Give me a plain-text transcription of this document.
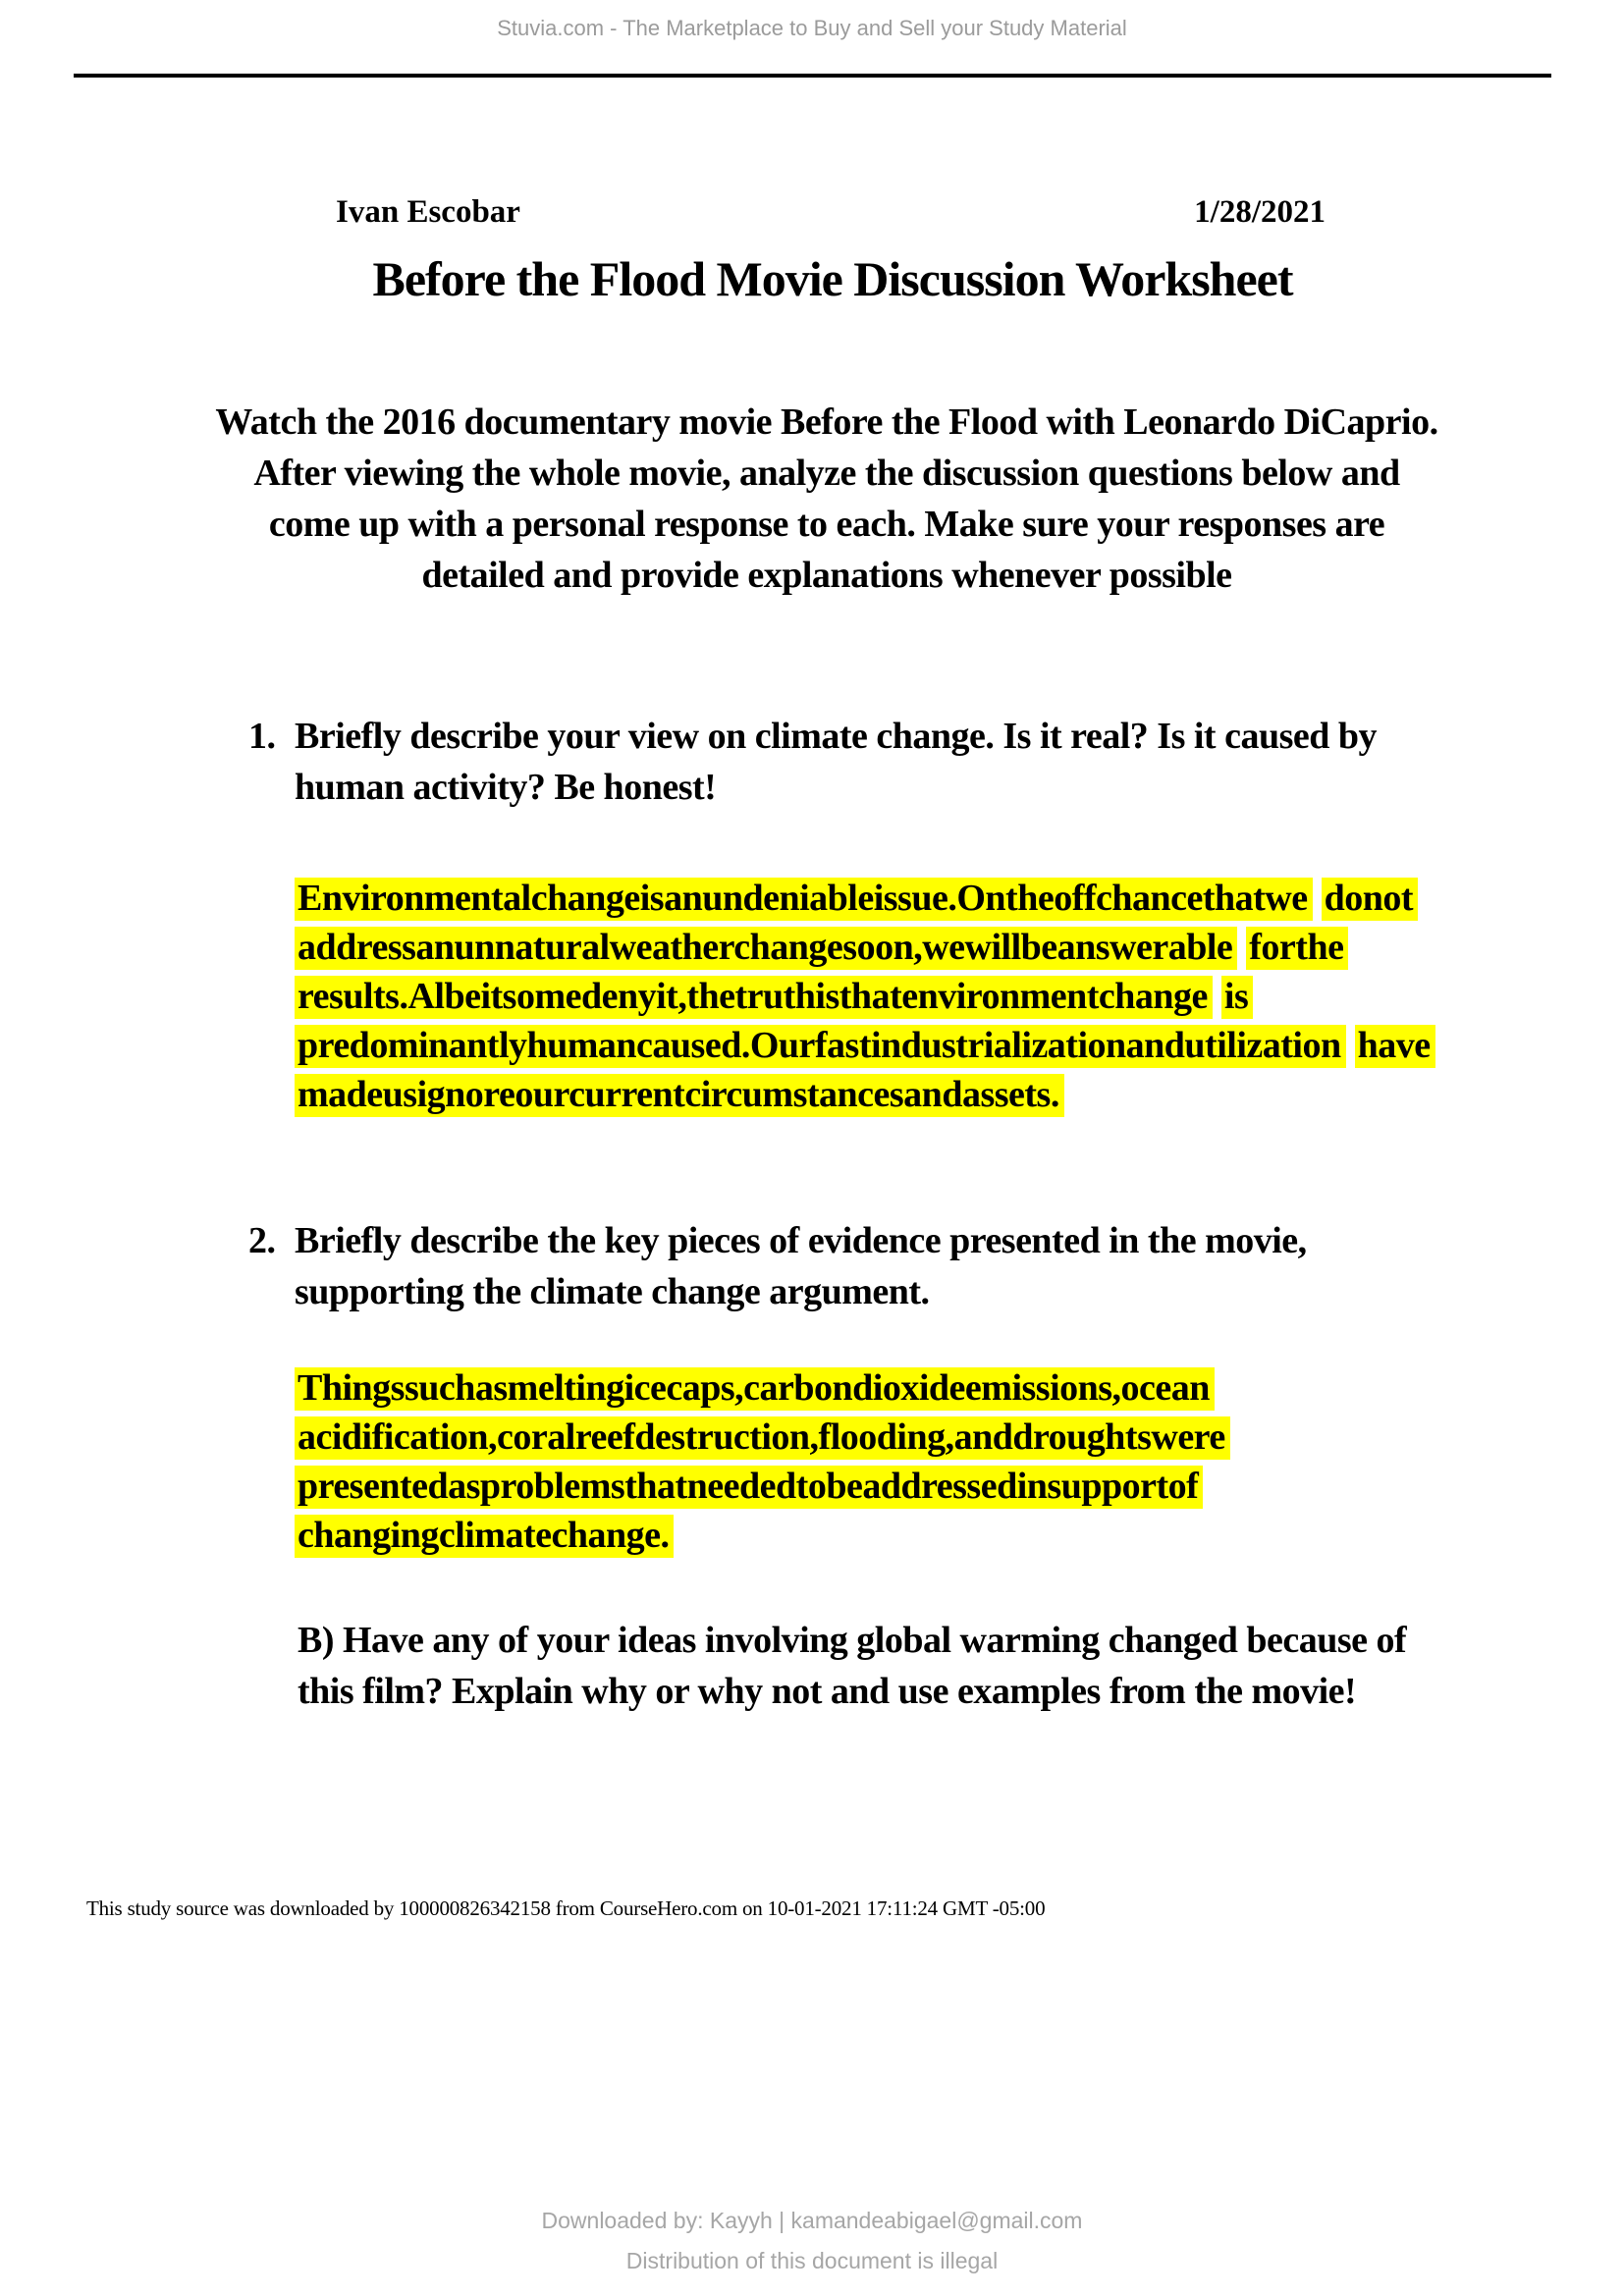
Stuvia.com - The Marketplace to Buy and Sell your Study Material
Ivan Escobar	1/28/2021
Before the Flood Movie Discussion Worksheet
Watch the 2016 documentary movie Before the Flood with Leonardo DiCaprio.
After viewing the whole movie, analyze the discussion questions below and
come up with a personal response to each. Make sure your responses are
detailed and provide explanations whenever possible
1. Briefly describe your view on climate change. Is it real? Is it caused by
human activity? Be honest!
Environmentalchangeisanundeniableissue.Ontheoffchancethatwe donot
addressanunnaturalweatherchangesoon,wewillbeanswerable forthe
results.Albeitsomedenyit,thetruthisthatenvironmentchange is
predominantlyhumancaused.Ourfastindustrializationandutilization have
madeusignoreourcurrentcircumstancesandassets.
2. Briefly describe the key pieces of evidence presented in the movie,
supporting the climate change argument.
Thingssuchasmeltingicecaps,carbondioxideemissions,ocean
acidification,coralreefdestruction,flooding,anddroughtswere
presentedasproblemsthatneededtobeaddressedinsupportof
changingclimatechange.
B) Have any of your ideas involving global warming changed because of
this film? Explain why or why not and use examples from the movie!
This study source was downloaded by 100000826342158 from CourseHero.com on 10-01-2021 17:11:24 GMT -05:00
Downloaded by: Kayyh | kamandeabigael@gmail.com
Distribution of this document is illegal
